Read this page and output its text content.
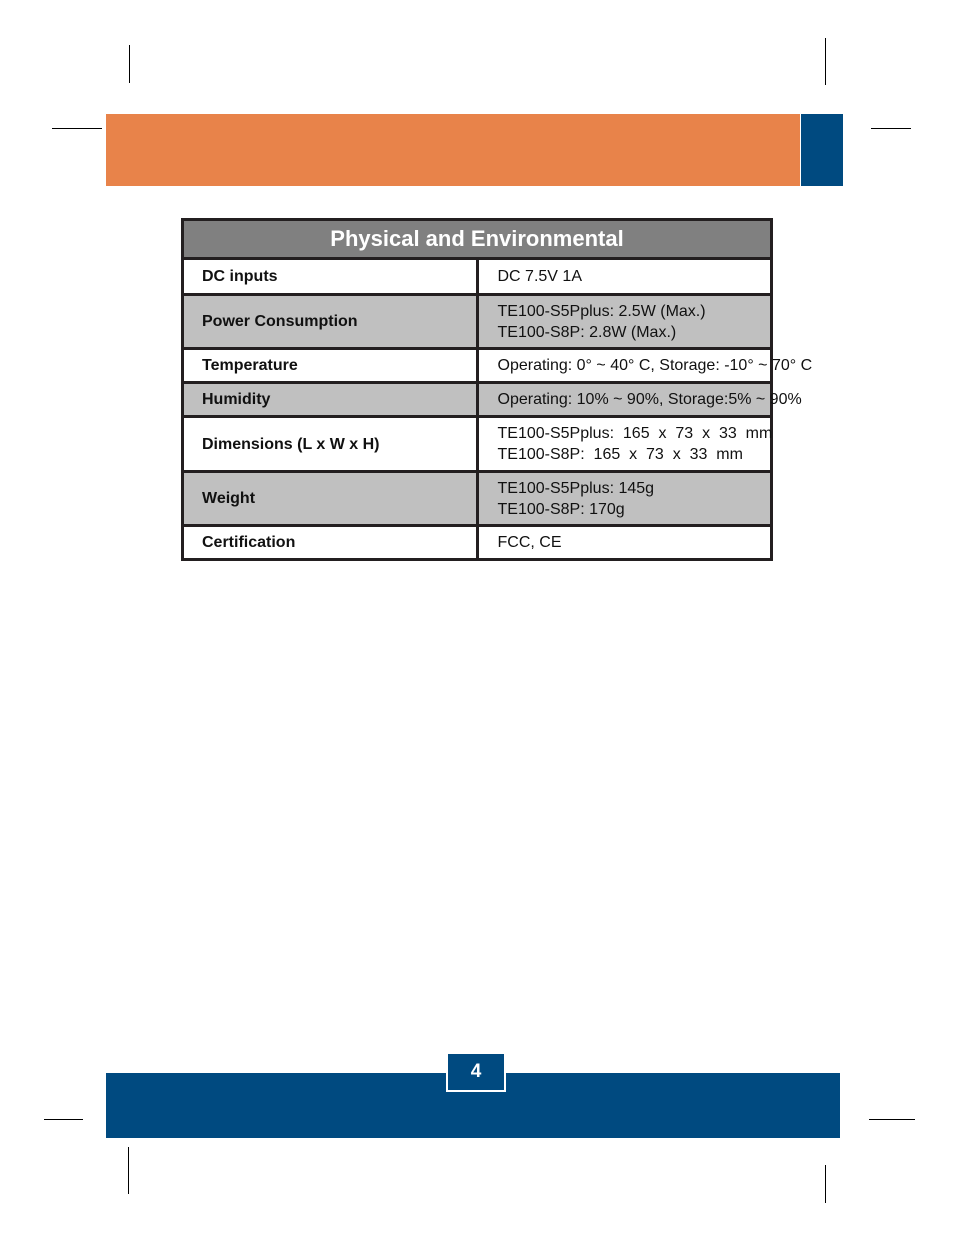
Physical and Environmental	
DC inputs	DC 7.5V 1A

Power Consumption	TE100-S5Pplus: 2.5W (Max.)
TE100-S8P: 2.8W (Max.)

Temperature	Operating: 0° ~ 40° C, Storage: -10° ~ 70° C

Humidity	Operating: 10% ~ 90%, Storage:5% ~ 90%

Dimensions (L x W x H)	TE100-S5Pplus:  165  x  73  x  33  mm
TE100-S8P:  165  x  73  x  33  mm

Weight	TE100-S5Pplus: 145g
TE100-S8P: 170g

Certification	FCC, CE
4
